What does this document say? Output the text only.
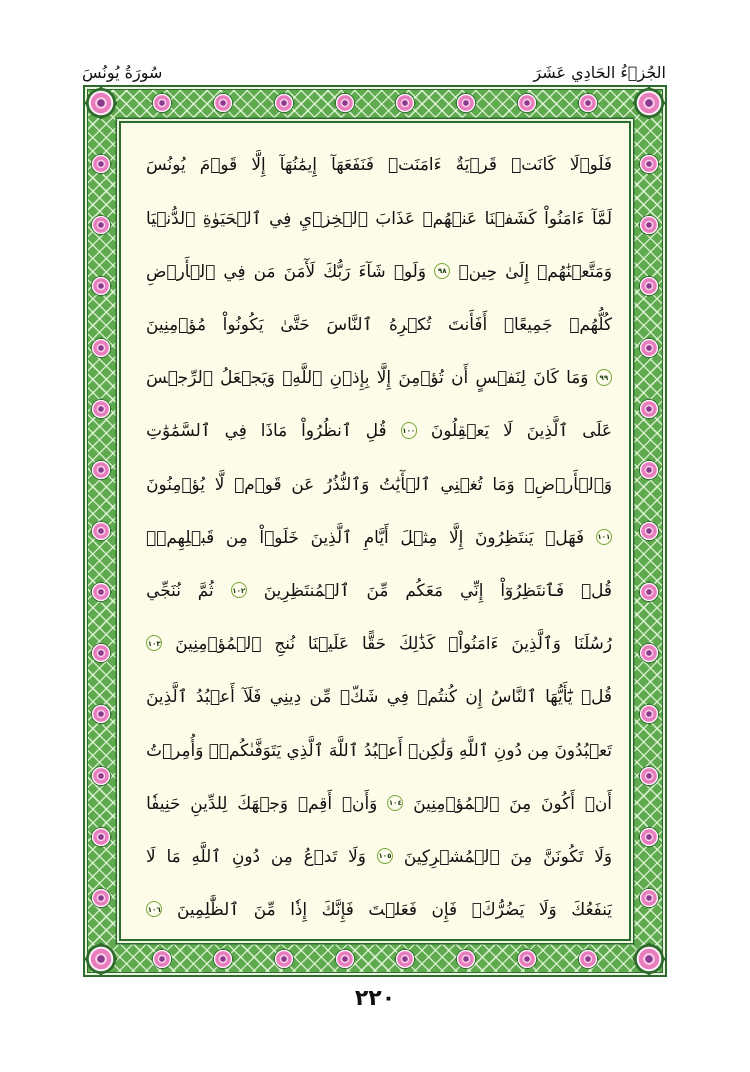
سُورَةُ يُونُسَ	الجُزۡءُ الحَادِي عَشَرَ
فَلَوۡلَا
كَانَتۡ
قَرۡيَةٌ
ءَامَنَتۡ
فَنَفَعَهَآ
إِيمَٰنُهَآ
إِلَّا
قَوۡمَ
يُونُسَ
لَمَّآ
ءَامَنُواْ
كَشَفۡنَا
عَنۡهُمۡ
عَذَابَ
ٱلۡخِزۡيِ
فِي
ٱلۡحَيَوٰةِ
ٱلدُّنۡيَا
وَمَتَّعۡنَٰهُمۡ
إِلَىٰ
حِينٖ
٩٨
وَلَوۡ
شَآءَ
رَبُّكَ
لَأٓمَنَ
مَن
فِي
ٱلۡأَرۡضِ
كُلُّهُمۡ
جَمِيعًاۚ
أَفَأَنتَ
تُكۡرِهُ
ٱلنَّاسَ
حَتَّىٰ
يَكُونُواْ
مُؤۡمِنِينَ
٩٩
وَمَا
كَانَ
لِنَفۡسٍ
أَن
تُؤۡمِنَ
إِلَّا
بِإِذۡنِ
ٱللَّهِۚ
وَيَجۡعَلُ
ٱلرِّجۡسَ
عَلَى
ٱلَّذِينَ
لَا
يَعۡقِلُونَ
١٠٠
قُلِ
ٱنظُرُواْ
مَاذَا
فِي
ٱلسَّمَٰوَٰتِ
وَٱلۡأَرۡضِۚ
وَمَا
تُغۡنِي
ٱلۡأٓيَٰتُ
وَٱلنُّذُرُ
عَن
قَوۡمٖ
لَّا
يُؤۡمِنُونَ
١٠١
فَهَلۡ
يَنتَظِرُونَ
إِلَّا
مِثۡلَ
أَيَّامِ
ٱلَّذِينَ
خَلَوۡاْ
مِن
قَبۡلِهِمۡۚ
قُلۡ
فَٱنتَظِرُوٓاْ
إِنِّي
مَعَكُم
مِّنَ
ٱلۡمُنتَظِرِينَ
١٠٢
ثُمَّ
نُنَجِّي
رُسُلَنَا
وَٱلَّذِينَ
ءَامَنُواْۚ
كَذَٰلِكَ
حَقًّا
عَلَيۡنَا
نُنجِ
ٱلۡمُؤۡمِنِينَ
١٠٣
قُلۡ
يَٰٓأَيُّهَا
ٱلنَّاسُ
إِن
كُنتُمۡ
فِي
شَكّٖ
مِّن
دِينِي
فَلَآ
أَعۡبُدُ
ٱلَّذِينَ
تَعۡبُدُونَ
مِن
دُونِ
ٱللَّهِ
وَلَٰكِنۡ
أَعۡبُدُ
ٱللَّهَ
ٱلَّذِي
يَتَوَفَّىٰكُمۡۖ
وَأُمِرۡتُ
أَنۡ
أَكُونَ
مِنَ
ٱلۡمُؤۡمِنِينَ
١٠٤
وَأَنۡ
أَقِمۡ
وَجۡهَكَ
لِلدِّينِ
حَنِيفٗا
وَلَا
تَكُونَنَّ
مِنَ
ٱلۡمُشۡرِكِينَ
١٠٥
وَلَا
تَدۡعُ
مِن
دُونِ
ٱللَّهِ
مَا
لَا
يَنفَعُكَ
وَلَا
يَضُرُّكَۖ
فَإِن
فَعَلۡتَ
فَإِنَّكَ
إِذٗا
مِّنَ
ٱلظَّٰلِمِينَ
١٠٦
٢٢٠
